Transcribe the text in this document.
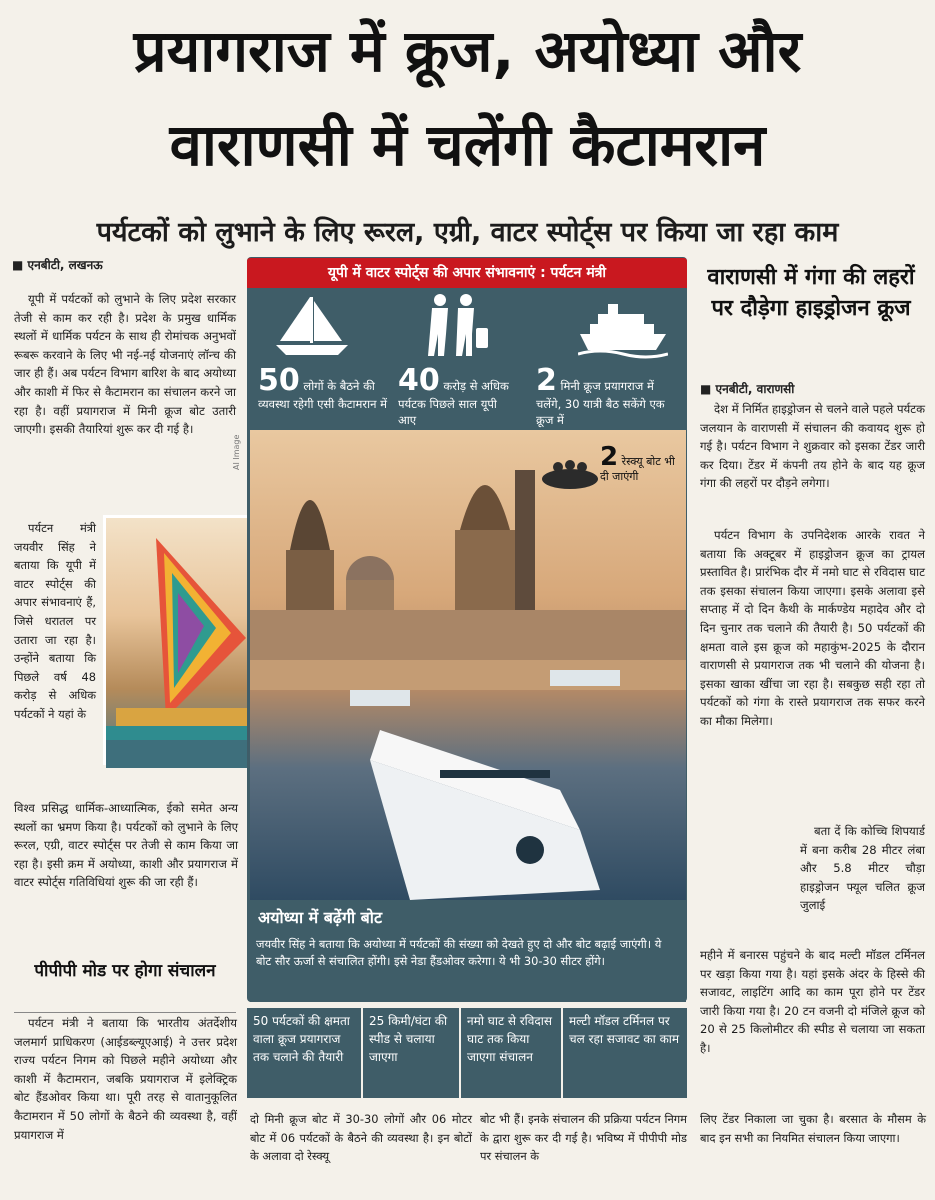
प्रयागराज में क्रूज, अयोध्या और
वाराणसी में चलेंगी कैटामरान
पर्यटकों को लुभाने के लिए रूरल, एग्री, वाटर स्पोर्ट्स पर किया जा रहा काम
■ एनबीटी, लखनऊ
यूपी में पर्यटकों को लुभाने के लिए प्रदेश सरकार तेजी से काम कर रही है। प्रदेश के प्रमुख धार्मिक स्थलों में धार्मिक पर्यटन के साथ ही रोमांचक अनुभवों रूबरू करवाने के लिए भी नई-नई योजनाएं लॉन्च की जार ही हैं। अब पर्यटन विभाग बारिश के बाद अयोध्या और काशी में फिर से कैटामरान का संचालन करने जा रहा है। वहीं प्रयागराज में मिनी क्रूज बोट उतारी जाएगी। इसकी तैयारियां शुरू कर दी गई है।
पर्यटन मंत्री जयवीर सिंह ने बताया कि यूपी में वाटर स्पोर्ट्स की अपार संभावनाएं हैं, जिसे धरातल पर उतारा जा रहा है। उन्होंने बताया कि पिछले वर्ष 48 करोड़ से अधिक पर्यटकों ने यहां के
विश्व प्रसिद्ध धार्मिक-आध्यात्मिक, ईको समेत अन्य स्थलों का भ्रमण किया है। पर्यटकों को लुभाने के लिए रूरल, एग्री, वाटर स्पोर्ट्स पर तेजी से काम किया जा रहा है। इसी क्रम में अयोध्या, काशी और प्रयागराज में वाटर स्पोर्ट्स गतिविधियां शुरू की जा रही हैं।
पीपीपी मोड पर होगा संचालन
पर्यटन मंत्री ने बताया कि भारतीय अंतर्देशीय जलमार्ग प्राधिकरण (आईडब्ल्यूएआई) ने उत्तर प्रदेश राज्य पर्यटन निगम को पिछले महीने अयोध्या और काशी में कैटामरान, जबकि प्रयागराज में इलेक्ट्रिक बोट हैंडओवर किया था। पूरी तरह से वातानुकूलित कैटामरान में 50 लोगों के बैठने की व्यवस्था है, वहीं प्रयागराज में
यूपी में वाटर स्पोर्ट्स की अपार संभावनाएं : पर्यटन मंत्री
50 लोगों के बैठने की व्यवस्था रहेगी एसी कैटामरान में
40 करोड़ से अधिक पर्यटक पिछले साल यूपी आए
2 मिनी क्रूज प्रयागराज में चलेंगे, 30 यात्री बैठ सकेंगे एक क्रूज में
AI Image	2 रेस्क्यू बोट भी दी जाएंगी
अयोध्या में बढ़ेंगी बोट
जयवीर सिंह ने बताया कि अयोध्या में पर्यटकों की संख्या को देखते हुए दो और बोट बढ़ाई जाएंगी। ये बोट सौर ऊर्जा से संचालित होंगी। इसे नेडा हैंडओवर करेगा। ये भी 30-30 सीटर होंगे।
50 पर्यटकों की क्षमता वाला क्रूज प्रयागराज तक चलाने की तैयारी
25 किमी/घंटा की स्पीड से चलाया जाएगा
नमो घाट से रविदास घाट तक किया जाएगा संचालन
मल्टी मॉडल टर्मिनल पर चल रहा सजावट का काम
दो मिनी क्रूज बोट में 30-30 लोगों और 06 मोटर बोट में 06 पर्यटकों के बैठने की व्यवस्था है। इन बोटों के अलावा दो रेस्क्यू
बोट भी हैं। इनके संचालन की प्रक्रिया पर्यटन निगम के द्वारा शुरू कर दी गई है। भविष्य में पीपीपी मोड पर संचालन के
लिए टेंडर निकाला जा चुका है। बरसात के मौसम के बाद इन सभी का नियमित संचालन किया जाएगा।
वाराणसी में गंगा की लहरों पर दौड़ेगा हाइड्रोजन क्रूज
■ एनबीटी, वाराणसी
देश में निर्मित हाइड्रोजन से चलने वाले पहले पर्यटक जलयान के वाराणसी में संचालन की कवायद शुरू हो गई है। पर्यटन विभाग ने शुक्रवार को इसका टेंडर जारी कर दिया। टेंडर में कंपनी तय होने के बाद यह क्रूज गंगा की लहरों पर दौड़ने लगेगा।
पर्यटन विभाग के उपनिदेशक आरके रावत ने बताया कि अक्टूबर में हाइड्रोजन क्रूज का ट्रायल प्रस्तावित है। प्रारंभिक दौर में नमो घाट से रविदास घाट तक इसका संचालन किया जाएगा। इसके अलावा इसे सप्ताह में दो दिन कैथी के मार्कण्डेय महादेव और दो दिन चुनार तक चलाने की तैयारी है। 50 पर्यटकों की क्षमता वाले इस क्रूज को महाकुंभ-2025 के दौरान वाराणसी से प्रयागराज तक भी चलाने की योजना है। इसका खाका खींचा जा रहा है। सबकुछ सही रहा तो पर्यटकों को गंगा के रास्ते प्रयागराज तक सफर करने का मौका मिलेगा।
बता दें कि कोच्चि शिपयार्ड में बना करीब 28 मीटर लंबा और 5.8 मीटर चौड़ा हाइड्रोजन फ्यूल चलित क्रूज जुलाई
महीने में बनारस पहुंचने के बाद मल्टी मॉडल टर्मिनल पर खड़ा किया गया है। यहां इसके अंदर के हिस्से की सजावट, लाइटिंग आदि का काम पूरा होने पर टेंडर जारी किया गया है। 20 टन वजनी दो मंजिले क्रूज को 20 से 25 किलोमीटर की स्पीड से चलाया जा सकता है।
